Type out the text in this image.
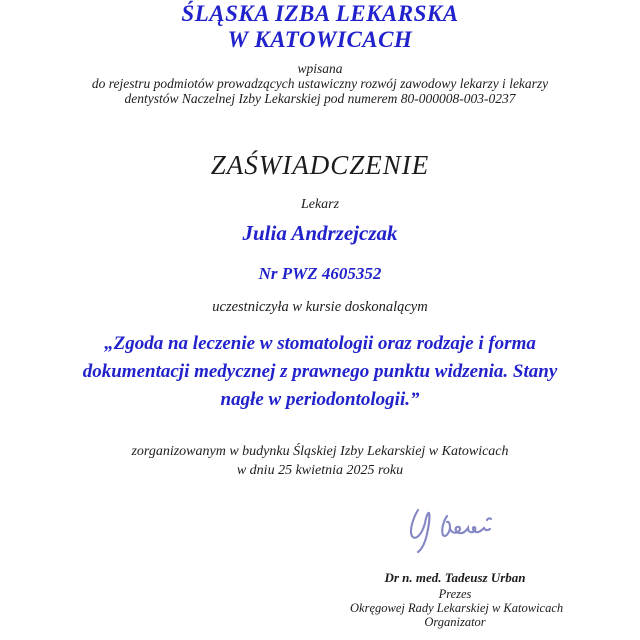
ŚLĄSKA IZBA LEKARSKA
W KATOWICACH
wpisana
do rejestru podmiotów prowadzących ustawiczny rozwój zawodowy lekarzy i lekarzy
dentystów Naczelnej Izby Lekarskiej pod numerem 80-000008-003-0237
ZAŚWIADCZENIE
Lekarz
Julia Andrzejczak
Nr PWZ 4605352
uczestniczyła w kursie doskonalącym
„Zgoda na leczenie w stomatologii oraz rodzaje i forma
dokumentacji medycznej z prawnego punktu widzenia. Stany
nagłe w periodontologii.”
zorganizowanym w budynku Śląskiej Izby Lekarskiej w Katowicach
w dniu 25 kwietnia 2025 roku
Dr n. med. Tadeusz Urban
Prezes
Okręgowej Rady Lekarskiej w Katowicach
Organizator
